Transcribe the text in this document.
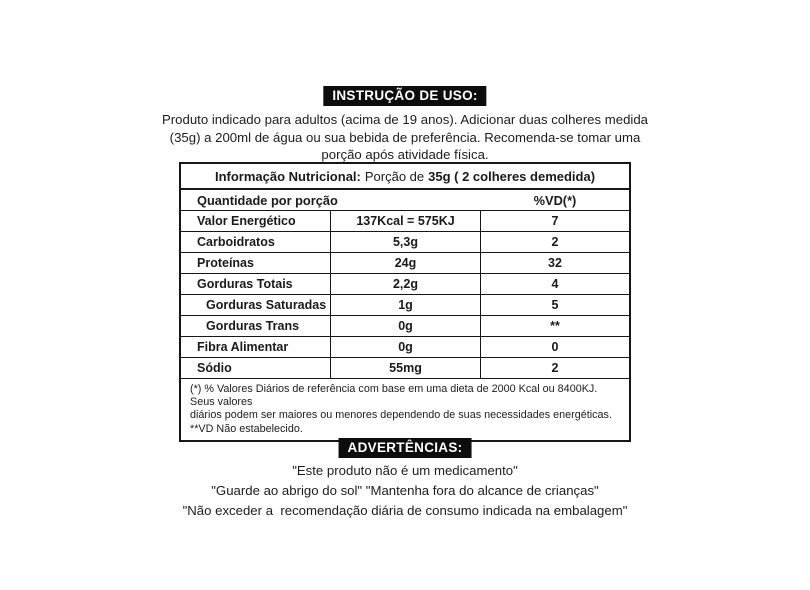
INSTRUÇÃO DE USO:
Produto indicado para adultos (acima de 19 anos). Adicionar duas colheres medida
(35g) a 200ml de água ou sua bebida de preferência. Recomenda-se tomar uma
porção após atividade física.
Informação Nutricional: Porção de 35g ( 2 colheres demedida)
Quantidade por porção	%VD(*)
Valor Energético	137Kcal = 575KJ	7
Carboidratos	5,3g	2
Proteínas	24g	32
Gorduras Totais	2,2g	4
Gorduras Saturadas	1g	5
Gorduras Trans	0g	**
Fibra Alimentar	0g	0
Sódio	55mg	2
(*) % Valores Diários de referência com base em uma dieta de 2000 Kcal ou 8400KJ. Seus valores
diários podem ser maiores ou menores dependendo de suas necessidades energéticas.
**VD Não estabelecido.
ADVERTÊNCIAS:
"Este produto não é um medicamento"
"Guarde ao abrigo do sol" "Mantenha fora do alcance de crianças"
"Não exceder a  recomendação diária de consumo indicada na embalagem"
